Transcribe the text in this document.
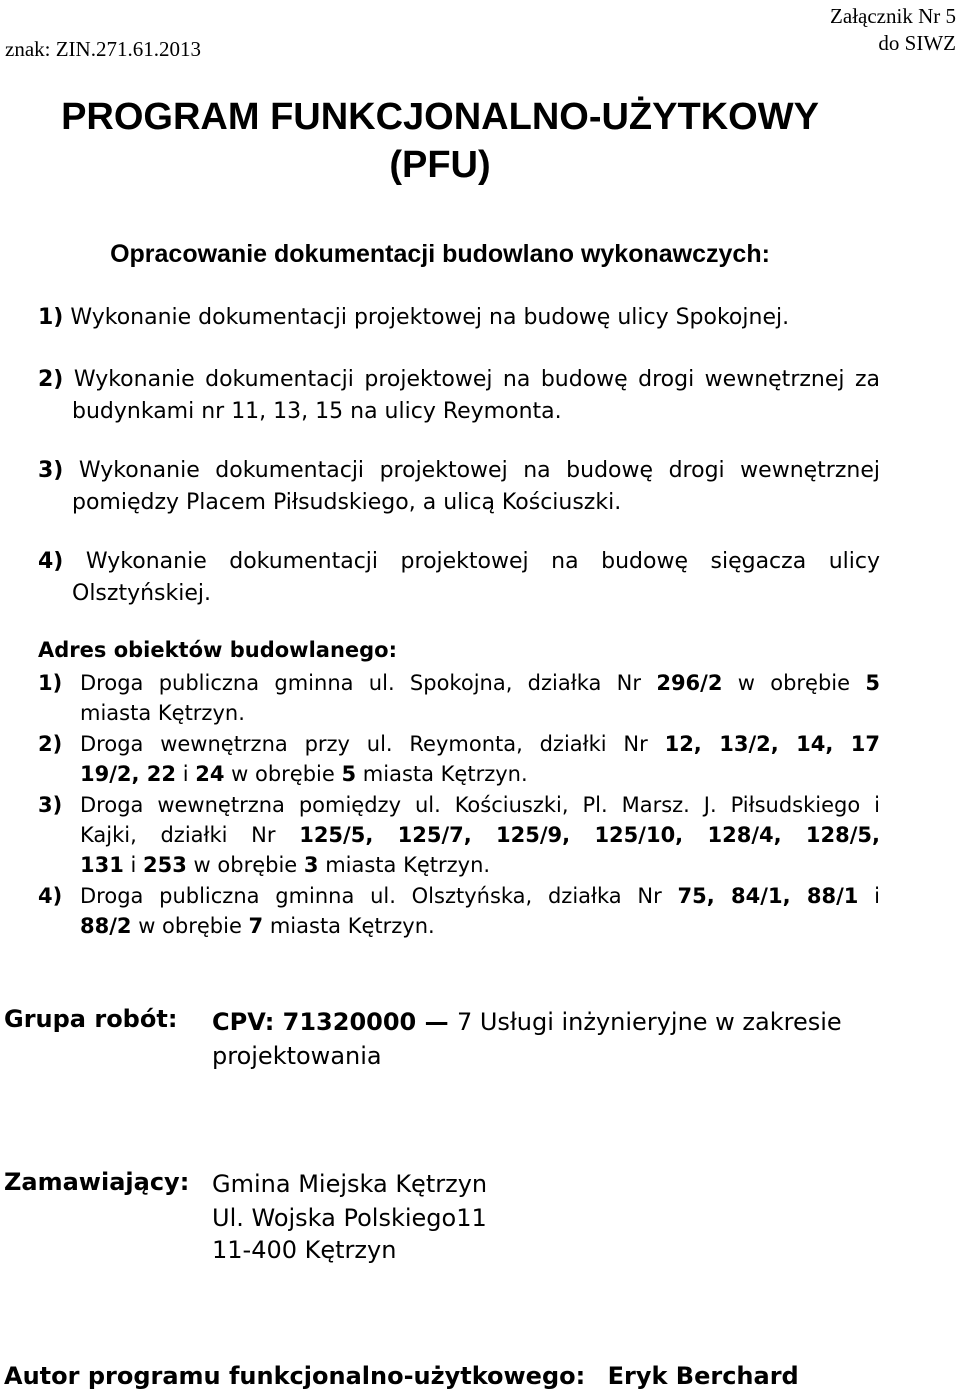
znak: ZIN.271.61.2013
Załącznik Nr 5
do SIWZ
PROGRAM FUNKCJONALNO-UŻYTKOWY
(PFU)
Opracowanie dokumentacji budowlano wykonawczych:
1) Wykonanie dokumentacji projektowej na budowę ulicy Spokojnej.
2) Wykonanie dokumentacji projektowej na budowę drogi wewnętrznej za
budynkami nr 11, 13, 15 na ulicy Reymonta.
3) Wykonanie dokumentacji projektowej na budowę drogi wewnętrznej
pomiędzy Placem Piłsudskiego, a ulicą Kościuszki.
4) Wykonanie dokumentacji projektowej na budowę sięgacza ulicy
Olsztyńskiej.
Adres obiektów budowlanego:
1) Droga publiczna gminna ul. Spokojna, działka Nr 296/2 w obrębie 5
miasta Kętrzyn.
2) Droga wewnętrzna przy ul. Reymonta, działki Nr 12, 13/2, 14, 17
19/2, 22 i 24 w obrębie 5 miasta Kętrzyn.
3) Droga wewnętrzna pomiędzy ul. Kościuszki, Pl. Marsz. J. Piłsudskiego i
Kajki, działki Nr 125/5, 125/7, 125/9, 125/10, 128/4, 128/5,
131 i 253 w obrębie 3 miasta Kętrzyn.
4) Droga publiczna gminna ul. Olsztyńska, działka Nr 75, 84/1, 88/1 i
88/2 w obrębie 7 miasta Kętrzyn.
Grupa robót: CPV: 71320000 — 7 Usługi inżynieryjne w zakresie
projektowania
Zamawiający: Gmina Miejska Kętrzyn
Ul. Wojska Polskiego11
11-400 Kętrzyn
Autor programu funkcjonalno-użytkowego: Eryk Berchard
